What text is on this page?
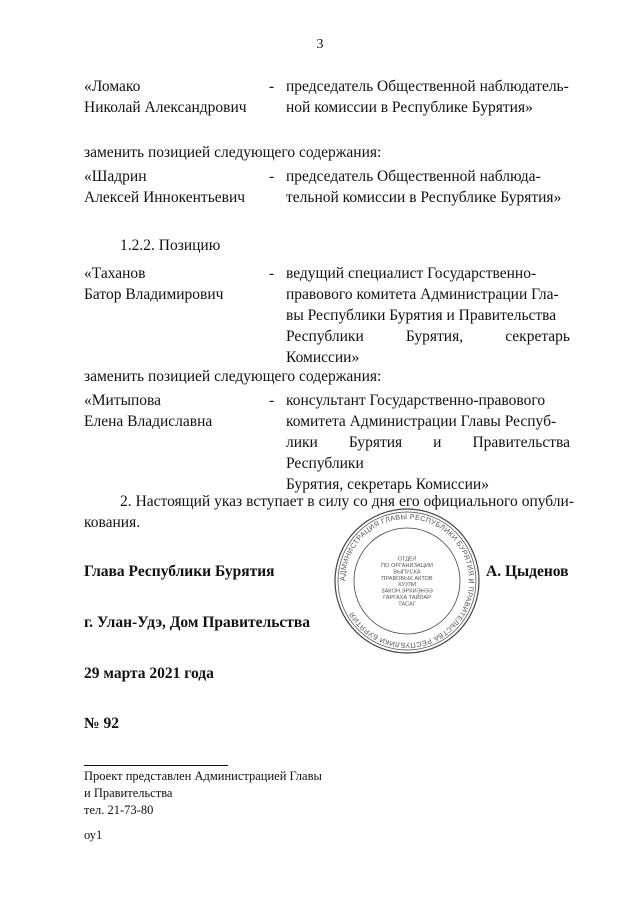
3
«Ломако
Николай Александрович
- председатель Общественной наблюдатель-
ной комиссии в Республике Бурятия»
заменить позицией следующего содержания:
«Шадрин
Алексей Иннокентьевич
- председатель Общественной наблюда-
тельной комиссии в Республике Бурятия»
1.2.2. Позицию
«Таханов
Батор Владимирович
- ведущий специалист Государственно-
правового комитета Администрации Гла-
вы Республики Бурятия и Правительства
Республики Бурятия, секретарь Комиссии»
заменить позицией следующего содержания:
«Митыпова
Елена Владиславна
- консультант Государственно-правового
комитета Администрации Главы Респуб-
лики Бурятия и Правительства Республики
Бурятия, секретарь Комиссии»
2. Настоящий указ вступает в силу со дня его официального опубли-кования.
АДМИНИСТРАЦИЯ ГЛАВЫ РЕСПУБЛИКИ БУРЯТИЯ И ПРАВИТЕЛЬСТВА РЕСПУБЛИКИ БУРЯТИЯ
ОТДЕЛ
ПО ОРГАНИЗАЦИИ
ВЫПУСКА
ПРАВОВЫХ АКТОВ
ХУУЛИ
ЗАКОН ЭРХИЭНЭЭ
ГАРГАХА ТАЙЛАР
ТАСАГ
Глава Республики Бурятия	А. Цыденов
г. Улан-Удэ, Дом Правительства
29 марта 2021 года
№ 92
Проект представлен Администрацией Главы
и Правительства
тел. 21-73-80
оу1
